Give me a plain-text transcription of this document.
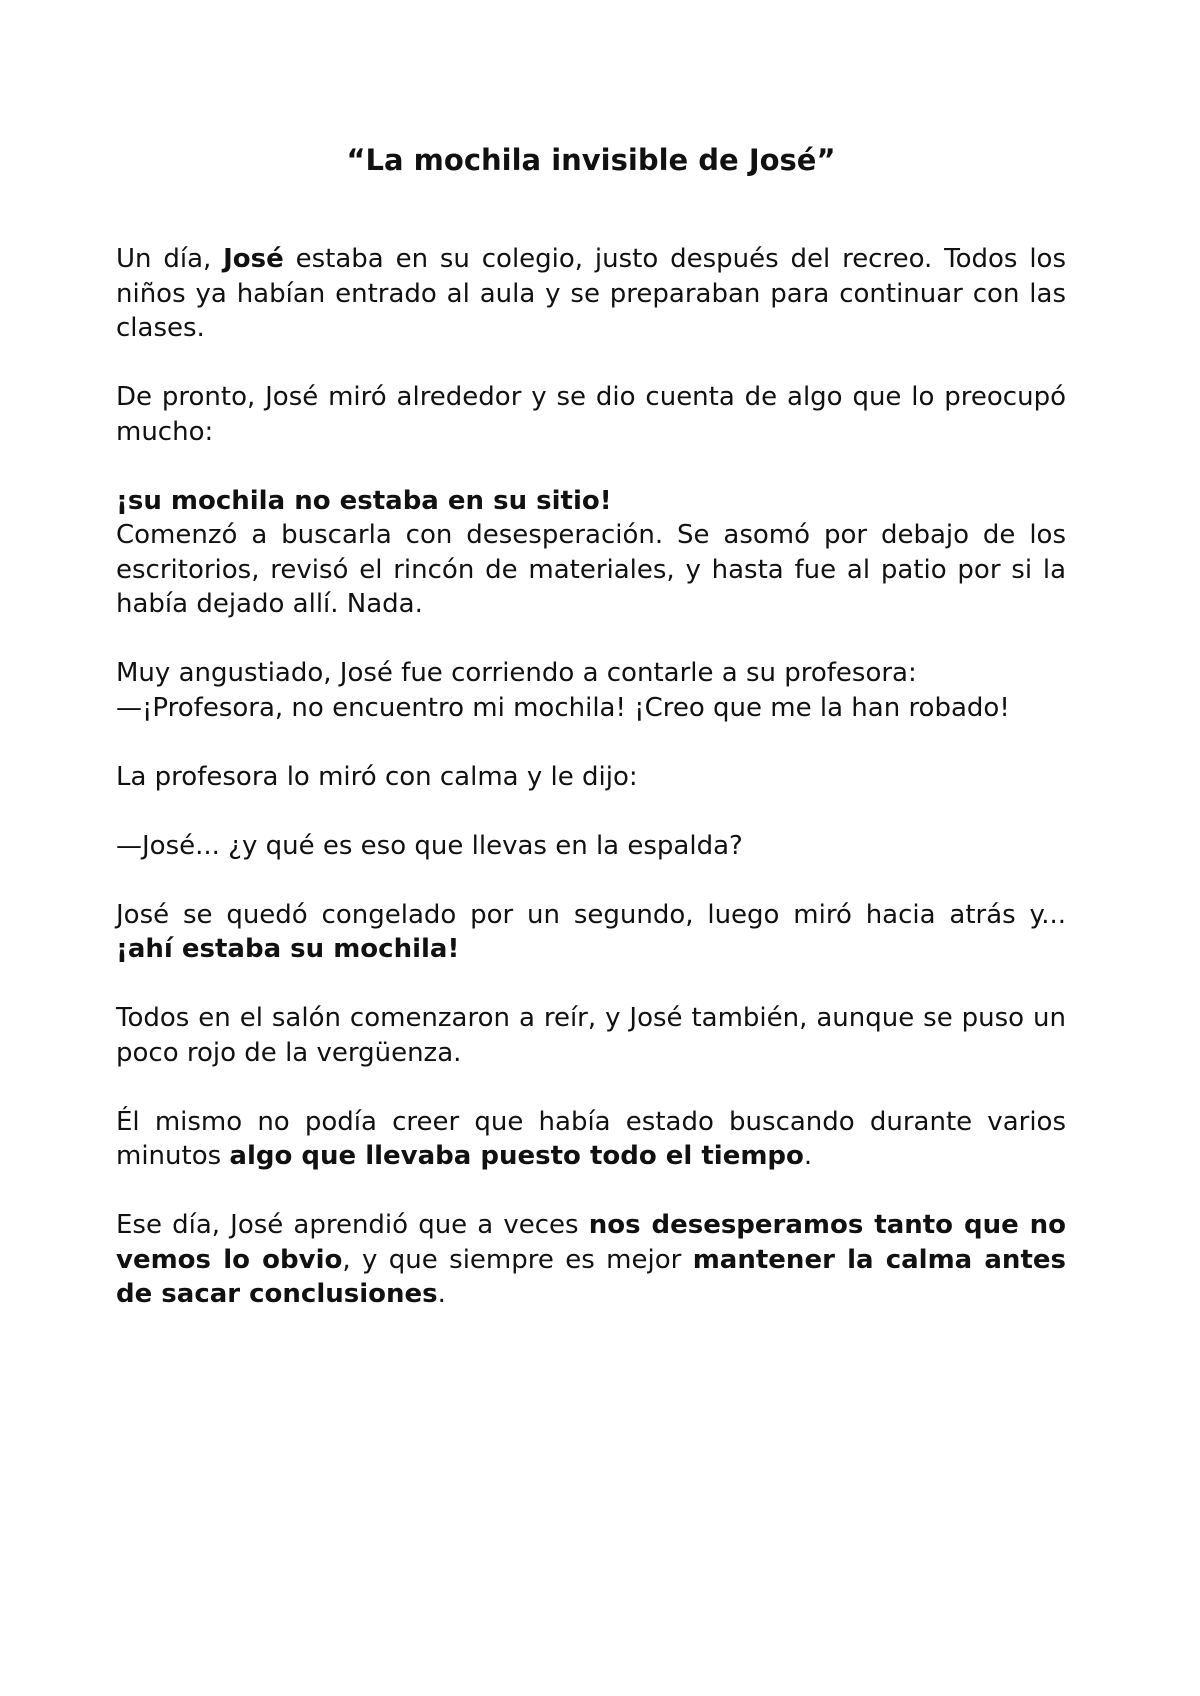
“La mochila invisible de José”

Un día, José estaba en su colegio, justo después del recreo. Todos los niños ya habían entrado al aula y se preparaban para continuar con las clases.

De pronto, José miró alrededor y se dio cuenta de algo que lo preocupó mucho:

¡su mochila no estaba en su sitio!
Comenzó a buscarla con desesperación. Se asomó por debajo de los escritorios, revisó el rincón de materiales, y hasta fue al patio por si la había dejado allí. Nada.

Muy angustiado, José fue corriendo a contarle a su profesora:
—¡Profesora, no encuentro mi mochila! ¡Creo que me la han robado!

La profesora lo miró con calma y le dijo:

—José... ¿y qué es eso que llevas en la espalda?

José se quedó congelado por un segundo, luego miró hacia atrás y... ¡ahí estaba su mochila!

Todos en el salón comenzaron a reír, y José también, aunque se puso un poco rojo de la vergüenza.

Él mismo no podía creer que había estado buscando durante varios minutos algo que llevaba puesto todo el tiempo.

Ese día, José aprendió que a veces nos desesperamos tanto que no vemos lo obvio, y que siempre es mejor mantener la calma antes de sacar conclusiones.
